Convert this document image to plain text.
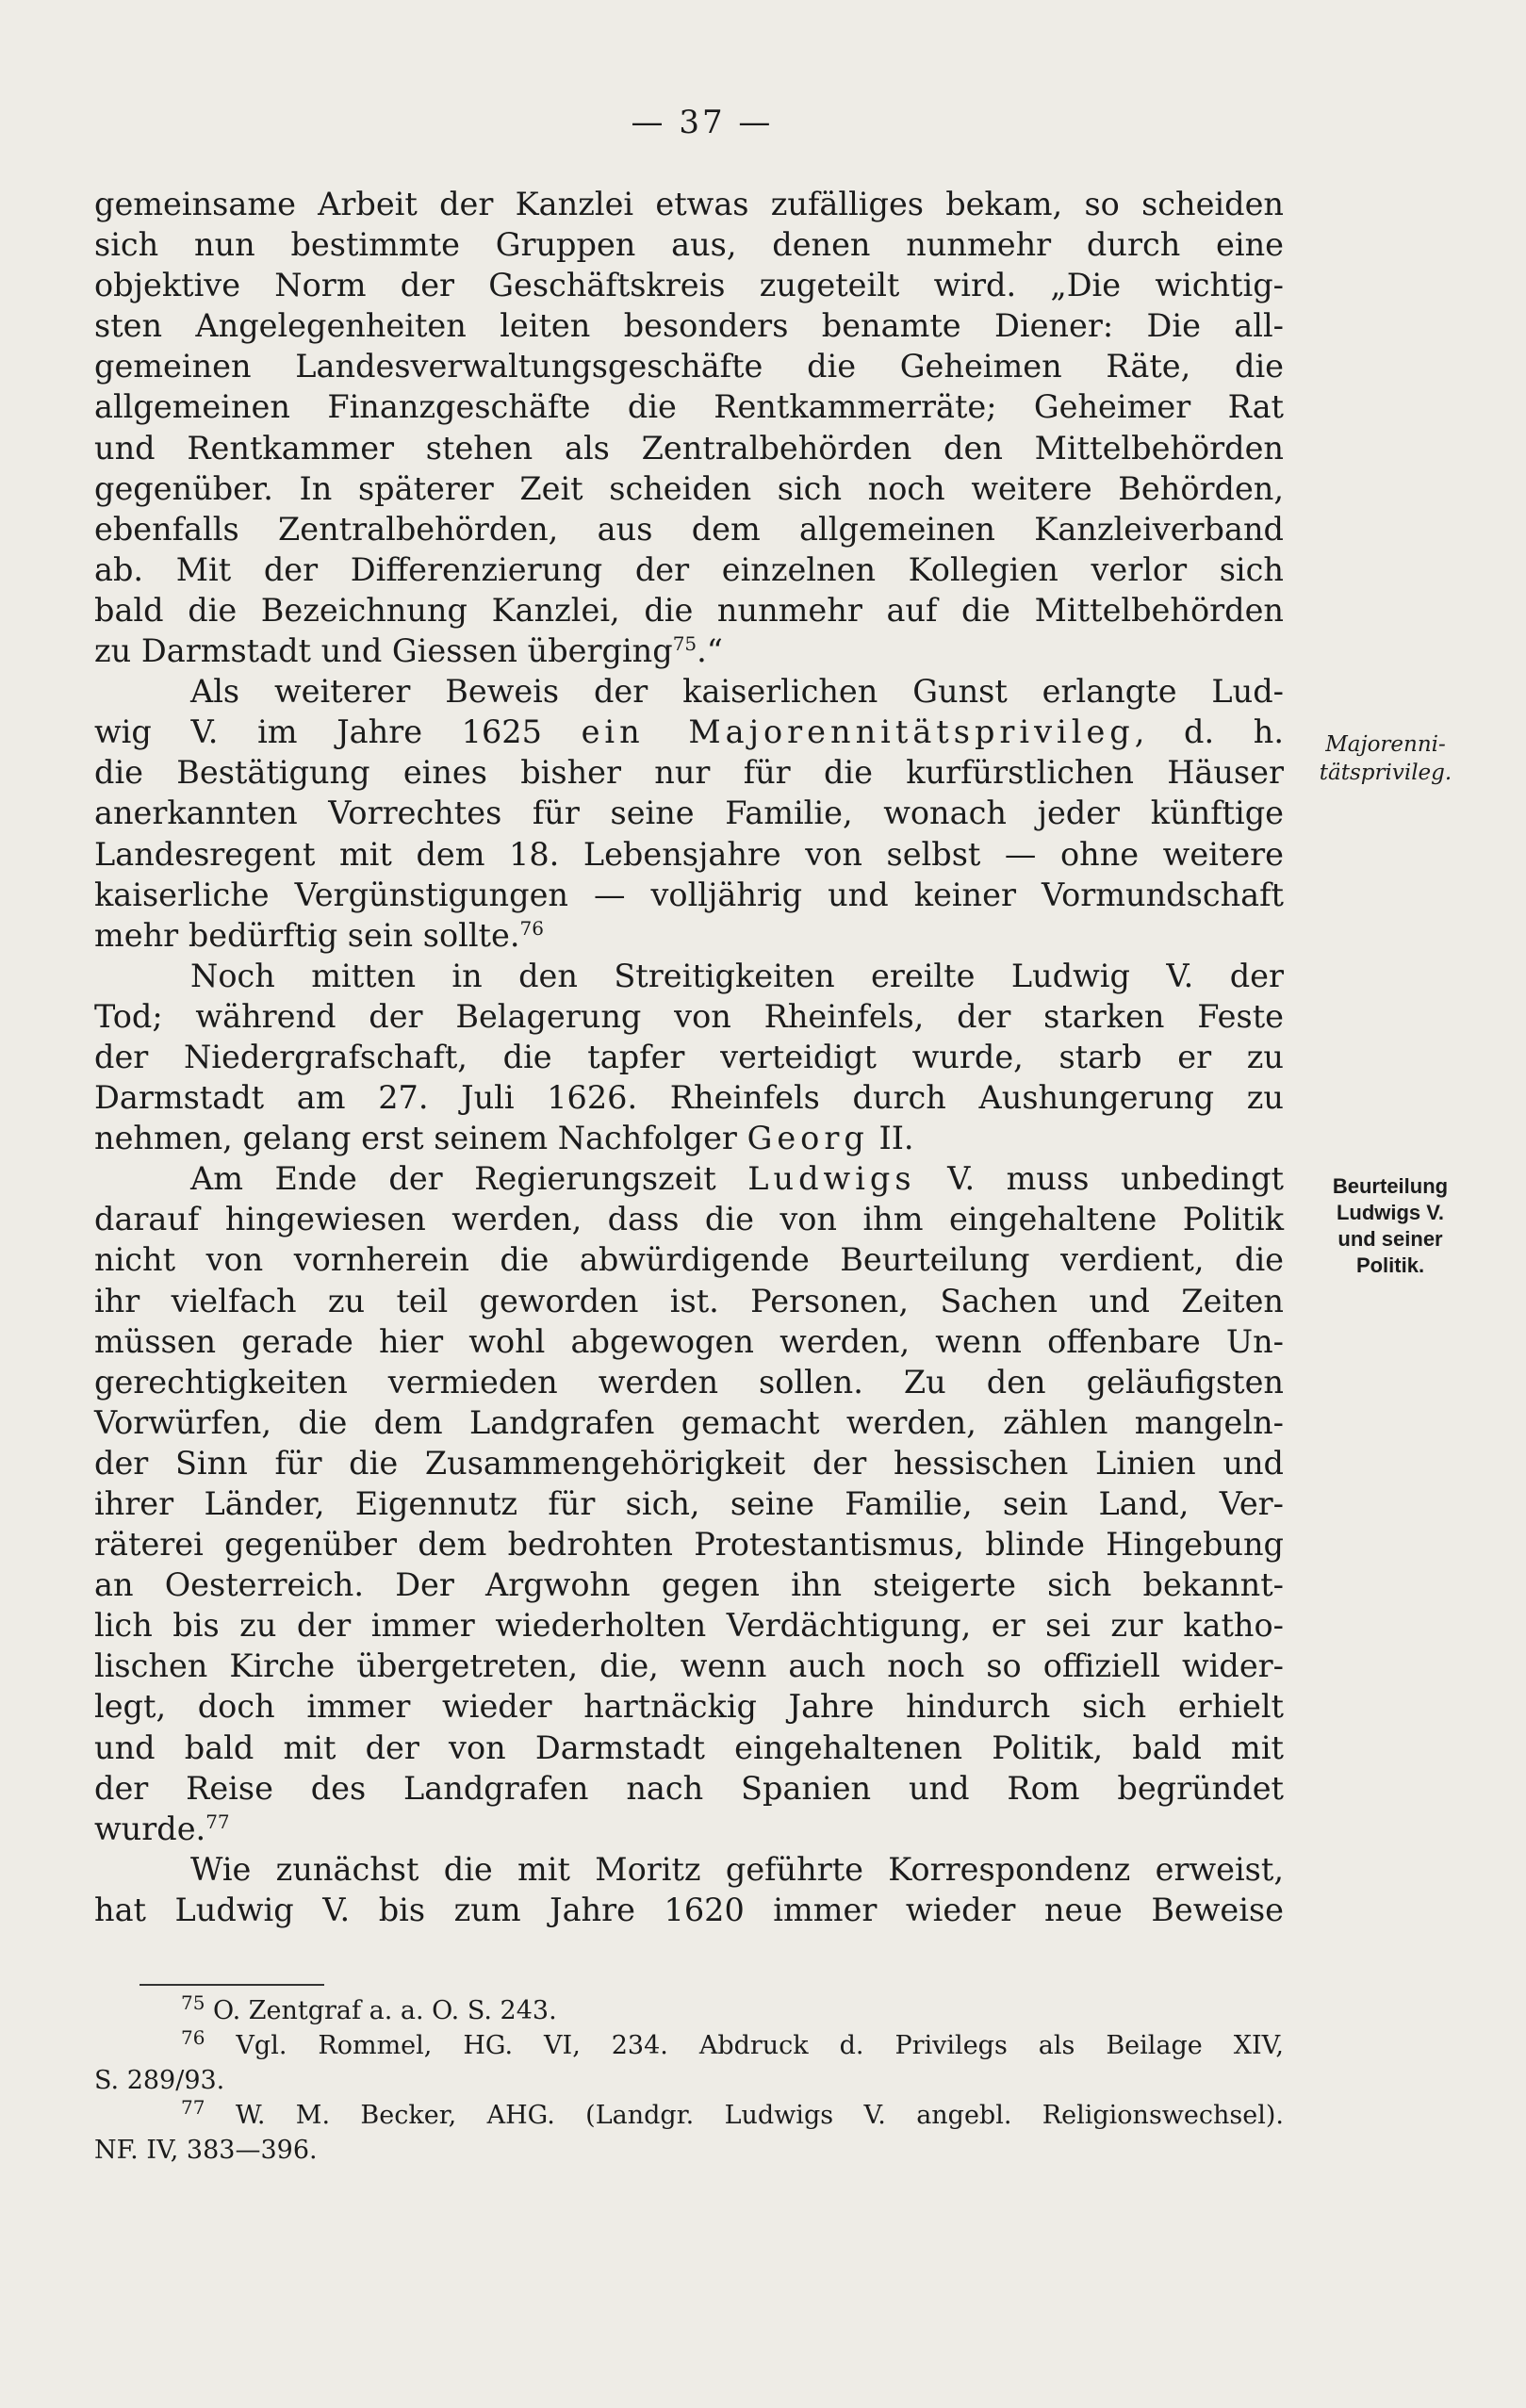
— 37 —
gemeinsame Arbeit der Kanzlei etwas zufälliges bekam, so scheiden
sich nun bestimmte Gruppen aus, denen nunmehr durch eine
objektive Norm der Geschäftskreis zugeteilt wird. „Die wichtig-
sten Angelegenheiten leiten besonders benamte Diener: Die all-
gemeinen Landesverwaltungsgeschäfte die Geheimen Räte, die
allgemeinen Finanzgeschäfte die Rentkammerräte; Geheimer Rat
und Rentkammer stehen als Zentralbehörden den Mittelbehörden
gegenüber. In späterer Zeit scheiden sich noch weitere Behörden,
ebenfalls Zentralbehörden, aus dem allgemeinen Kanzleiverband
ab. Mit der Differenzierung der einzelnen Kollegien verlor sich
bald die Bezeichnung Kanzlei, die nunmehr auf die Mittelbehörden
zu Darmstadt und Giessen überging$^{75}$.“
Als weiterer Beweis der kaiserlichen Gunst erlangte Lud-
wig V. im Jahre 1625 ein Majorennitätsprivileg, d. h.
die Bestätigung eines bisher nur für die kurfürstlichen Häuser
anerkannten Vorrechtes für seine Familie, wonach jeder künftige
Landesregent mit dem 18. Lebensjahre von selbst — ohne weitere
kaiserliche Vergünstigungen — volljährig und keiner Vormundschaft
mehr bedürftig sein sollte.$^{76}$
Noch mitten in den Streitigkeiten ereilte Ludwig V. der
Tod; während der Belagerung von Rheinfels, der starken Feste
der Niedergrafschaft, die tapfer verteidigt wurde, starb er zu
Darmstadt am 27. Juli 1626. Rheinfels durch Aushungerung zu
nehmen, gelang erst seinem Nachfolger Georg II.
Am Ende der Regierungszeit Ludwigs V. muss unbedingt
darauf hingewiesen werden, dass die von ihm eingehaltene Politik
nicht von vornherein die abwürdigende Beurteilung verdient, die
ihr vielfach zu teil geworden ist. Personen, Sachen und Zeiten
müssen gerade hier wohl abgewogen werden, wenn offenbare Un-
gerechtigkeiten vermieden werden sollen. Zu den geläufigsten
Vorwürfen, die dem Landgrafen gemacht werden, zählen mangeln-
der Sinn für die Zusammengehörigkeit der hessischen Linien und
ihrer Länder, Eigennutz für sich, seine Familie, sein Land, Ver-
räterei gegenüber dem bedrohten Protestantismus, blinde Hingebung
an Oesterreich. Der Argwohn gegen ihn steigerte sich bekannt-
lich bis zu der immer wiederholten Verdächtigung, er sei zur katho-
lischen Kirche übergetreten, die, wenn auch noch so offiziell wider-
legt, doch immer wieder hartnäckig Jahre hindurch sich erhielt
und bald mit der von Darmstadt eingehaltenen Politik, bald mit
der Reise des Landgrafen nach Spanien und Rom begründet
wurde.$^{77}$
Wie zunächst die mit Moritz geführte Korrespondenz erweist,
hat Ludwig V. bis zum Jahre 1620 immer wieder neue Beweise
Majorenni-
tätsprivileg.
Beurteilung
Ludwigs V.
und seiner
Politik.
$^{75}$ O. Zentgraf a. a. O. S. 243.
$^{76}$ Vgl. Rommel, HG. VI, 234. Abdruck d. Privilegs als Beilage XIV,
S. 289/93.
$^{77}$ W. M. Becker, AHG. (Landgr. Ludwigs V. angebl. Religionswechsel).
NF. IV, 383—396.
